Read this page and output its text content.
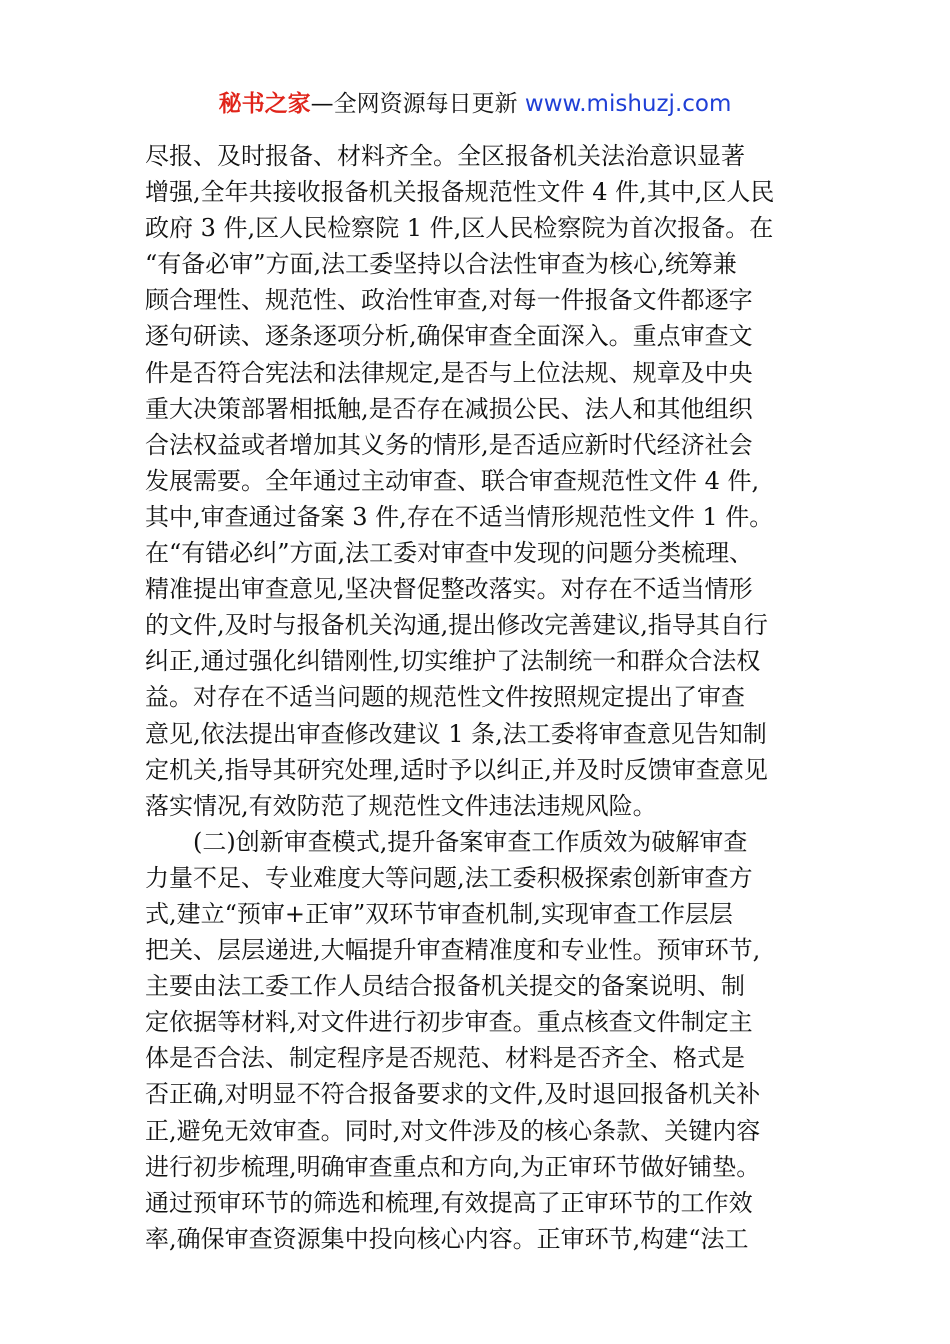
秘书之家—全网资源每日更新 www.mishuzj.com
尽报、及时报备、材料齐全。全区报备机关法治意识显著
增强,全年共接收报备机关报备规范性文件 4 件,其中,区人民
政府 3 件,区人民检察院 1 件,区人民检察院为首次报备。在
“有备必审”方面,法工委坚持以合法性审查为核心,统筹兼
顾合理性、规范性、政治性审查,对每一件报备文件都逐字
逐句研读、逐条逐项分析,确保审查全面深入。重点审查文
件是否符合宪法和法律规定,是否与上位法规、规章及中央
重大决策部署相抵触,是否存在减损公民、法人和其他组织
合法权益或者增加其义务的情形,是否适应新时代经济社会
发展需要。全年通过主动审查、联合审查规范性文件 4 件,
其中,审查通过备案 3 件,存在不适当情形规范性文件 1 件。
在“有错必纠”方面,法工委对审查中发现的问题分类梳理、
精准提出审查意见,坚决督促整改落实。对存在不适当情形
的文件,及时与报备机关沟通,提出修改完善建议,指导其自行
纠正,通过强化纠错刚性,切实维护了法制统一和群众合法权
益。对存在不适当问题的规范性文件按照规定提出了审查
意见,依法提出审查修改建议 1 条,法工委将审查意见告知制
定机关,指导其研究处理,适时予以纠正,并及时反馈审查意见
落实情况,有效防范了规范性文件违法违规风险。
(二)创新审查模式,提升备案审查工作质效为破解审查
力量不足、专业难度大等问题,法工委积极探索创新审查方
式,建立“预审+正审”双环节审查机制,实现审查工作层层
把关、层层递进,大幅提升审查精准度和专业性。预审环节,
主要由法工委工作人员结合报备机关提交的备案说明、制
定依据等材料,对文件进行初步审查。重点核查文件制定主
体是否合法、制定程序是否规范、材料是否齐全、格式是
否正确,对明显不符合报备要求的文件,及时退回报备机关补
正,避免无效审查。同时,对文件涉及的核心条款、关键内容
进行初步梳理,明确审查重点和方向,为正审环节做好铺垫。
通过预审环节的筛选和梳理,有效提高了正审环节的工作效
率,确保审查资源集中投向核心内容。正审环节,构建“法工
